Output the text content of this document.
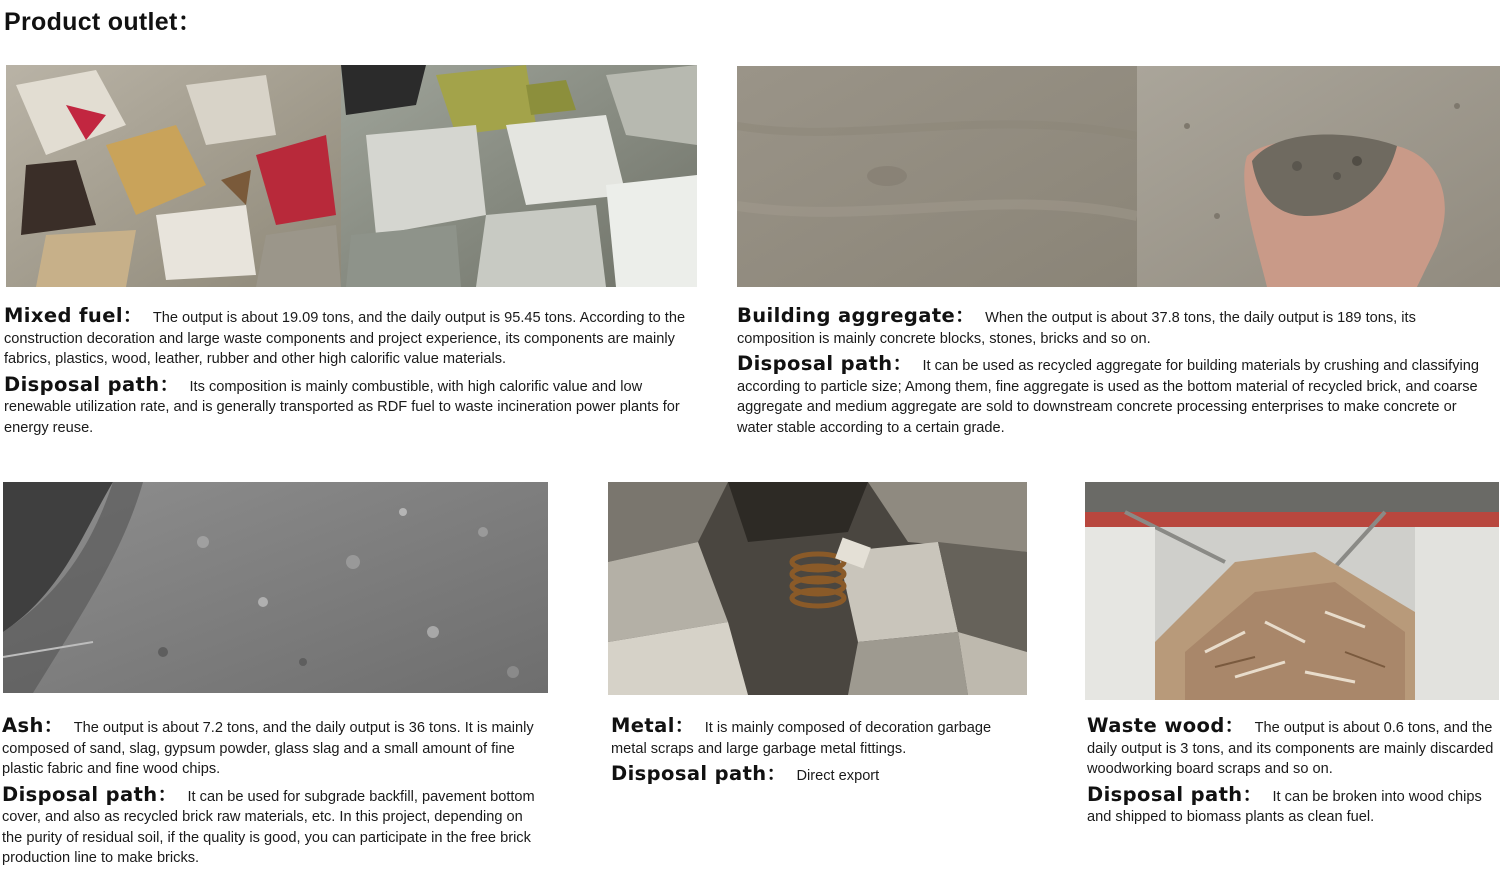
Product outlet：

Mixed fuel： The output is about 19.09 tons, and the daily output is 95.45 tons. According to the construction decoration and large waste components and project experience, its components are mainly fabrics, plastics, wood, leather, rubber and other high calorific value materials.

Disposal path： Its composition is mainly combustible, with high calorific value and low renewable utilization rate, and is generally transported as RDF fuel to waste incineration power plants for energy reuse.

Building aggregate： When the output is about 37.8 tons, the daily output is 189 tons, its composition is mainly concrete blocks, stones, bricks and so on.

Disposal path： It can be used as recycled aggregate for building materials by crushing and classifying according to particle size; Among them, fine aggregate is used as the bottom material of recycled brick, and coarse aggregate and medium aggregate are sold to downstream concrete processing enterprises to make concrete or water stable according to a certain grade.

Ash： The output is about 7.2 tons, and the daily output is 36 tons. It is mainly composed of sand, slag, gypsum powder, glass slag and a small amount of fine plastic fabric and fine wood chips.

Disposal path： It can be used for subgrade backfill, pavement bottom cover, and also as recycled brick raw materials, etc. In this project, depending on the purity of residual soil, if the quality is good, you can participate in the free brick production line to make bricks.

Metal： It is mainly composed of decoration garbage metal scraps and large garbage metal fittings.

Disposal path： Direct export

Waste wood： The output is about 0.6 tons, and the daily output is 3 tons, and its components are mainly discarded woodworking board scraps and so on.

Disposal path： It can be broken into wood chips and shipped to biomass plants as clean fuel.
